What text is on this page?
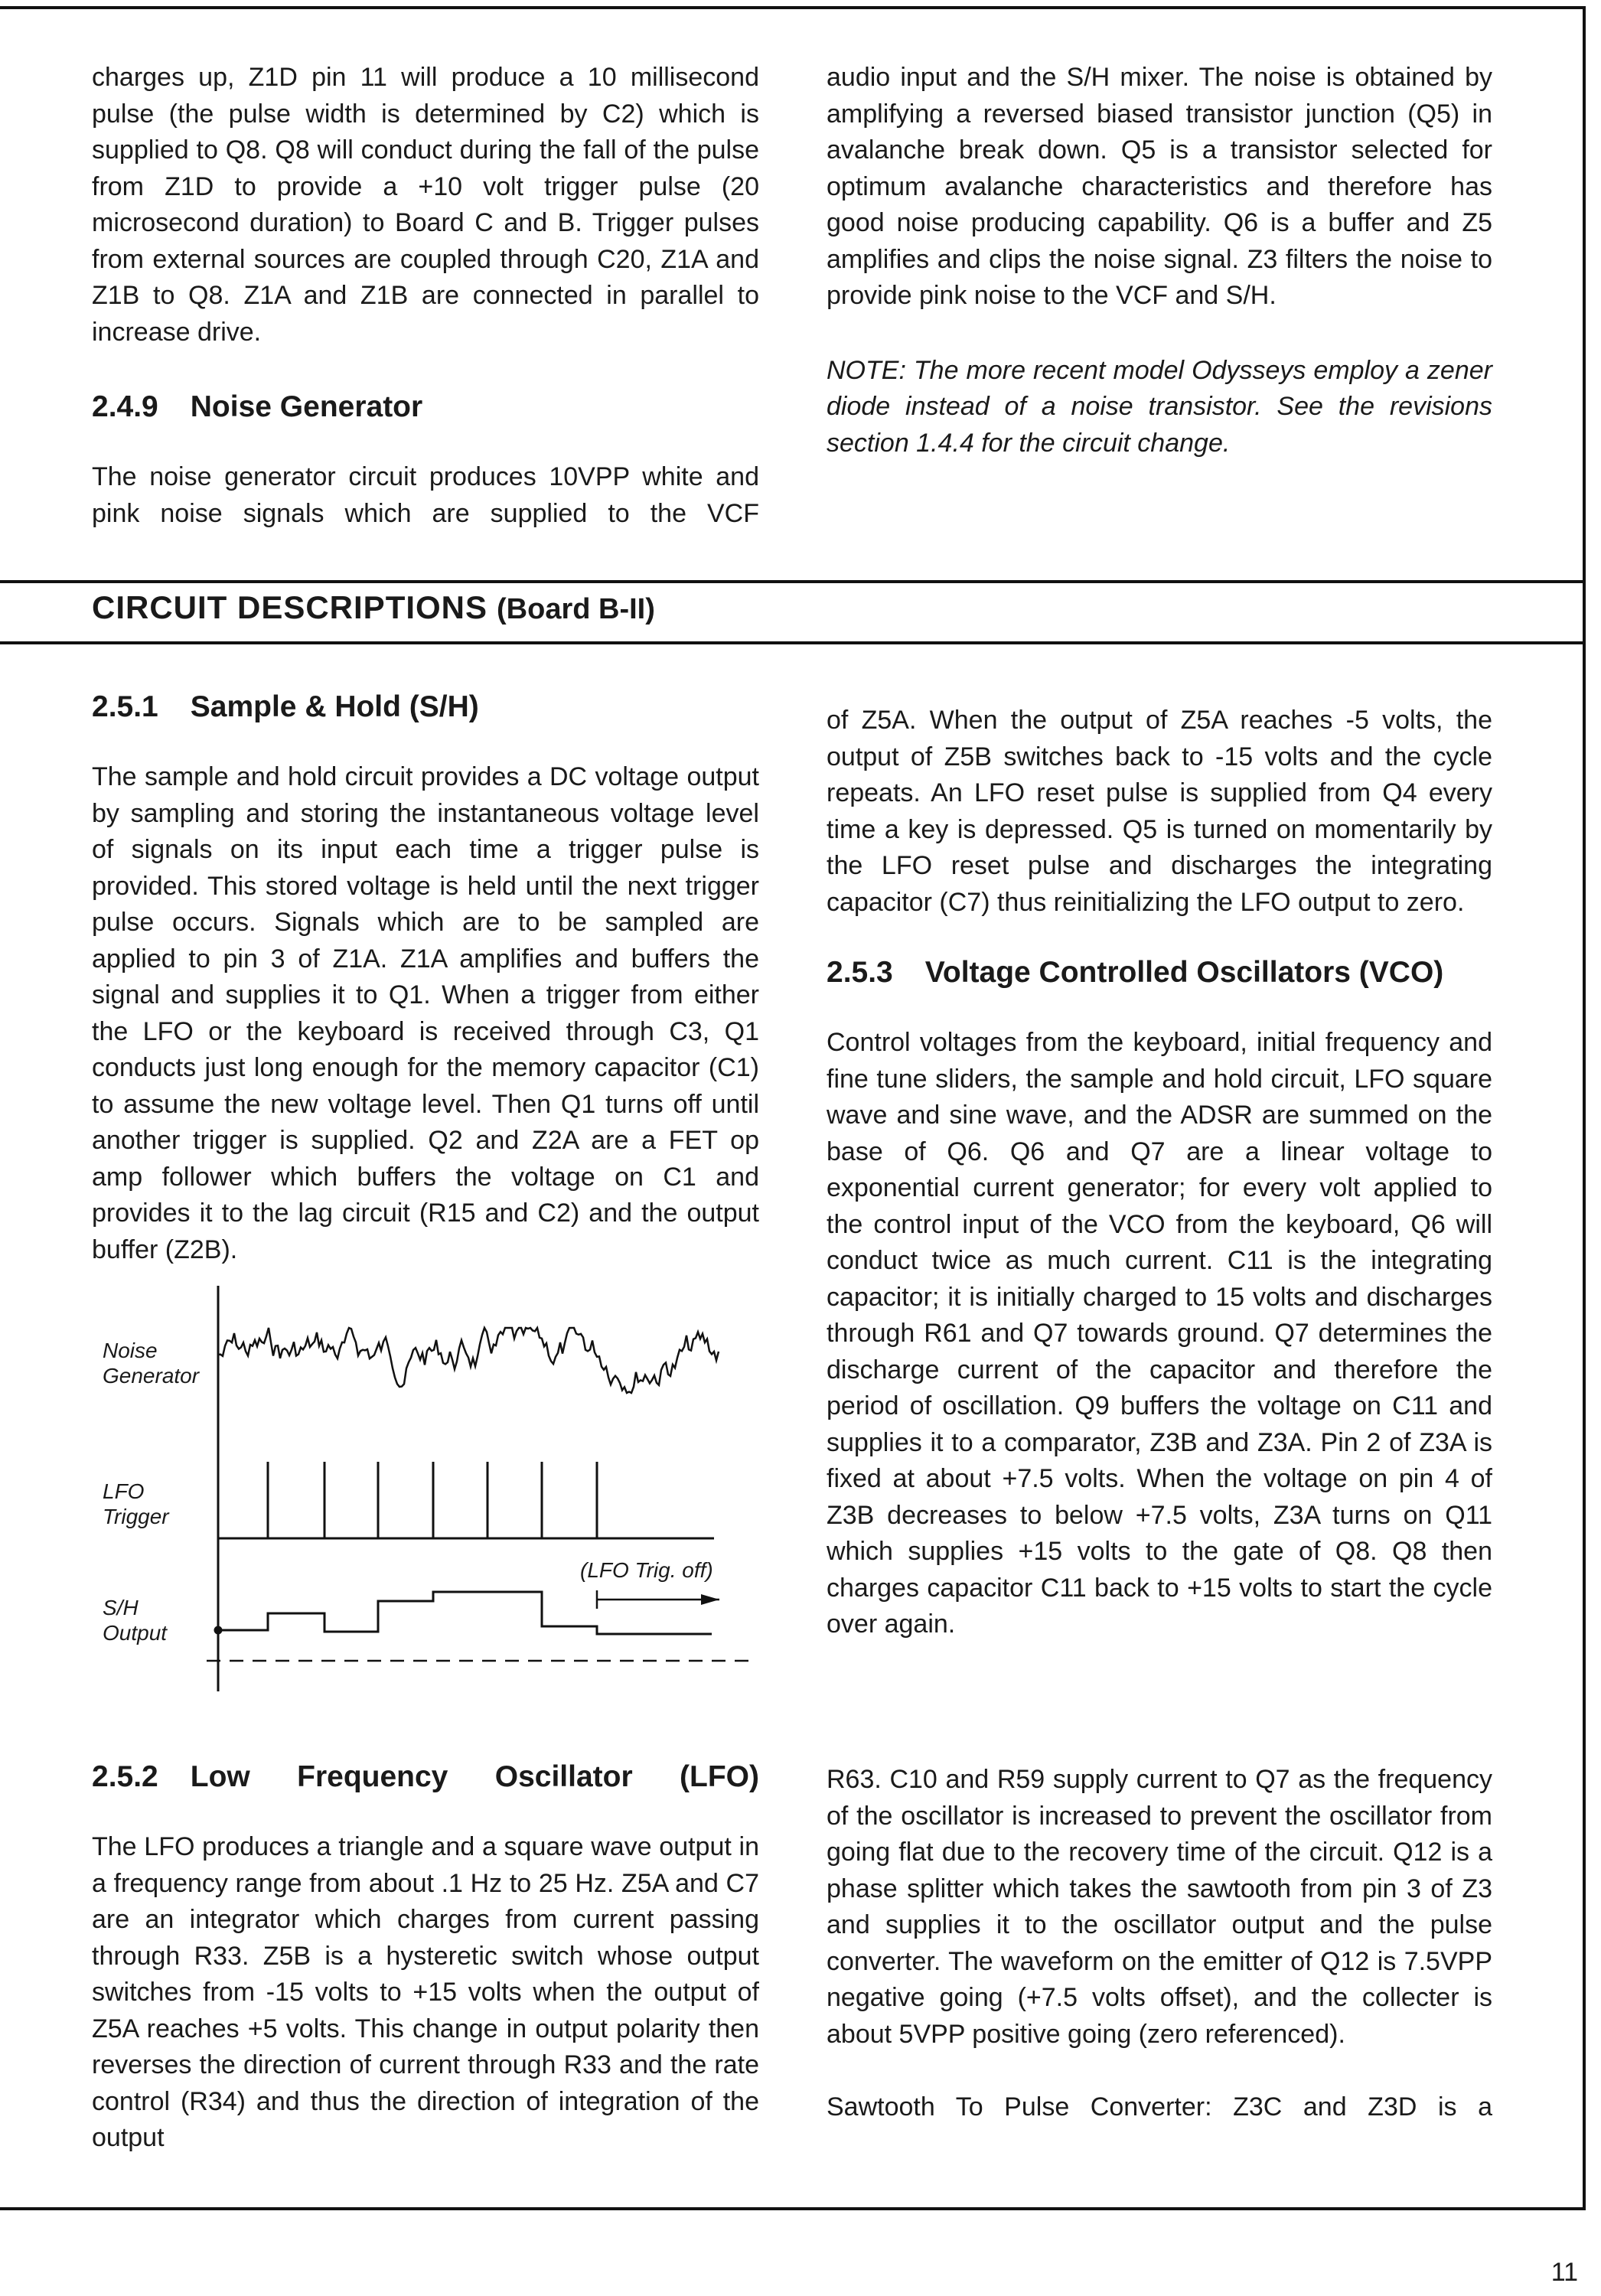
charges up, Z1D pin 11 will produce a 10 millisecond pulse (the pulse width is determined by C2) which is supplied to Q8. Q8 will conduct during the fall of the pulse from Z1D to provide a +10 volt trigger pulse (20 microsecond duration) to Board C and B. Trigger pulses from external sources are coupled through C20, Z1A and Z1B to Q8. Z1A and Z1B are connected in parallel to increase drive.

2.4.9 Noise Generator

The noise generator circuit produces 10VPP white and pink noise signals which are supplied to the VCF

audio input and the S/H mixer. The noise is obtained by amplifying a reversed biased transistor junction (Q5) in avalanche break down. Q5 is a transistor selected for optimum avalanche characteristics and therefore has good noise producing capability. Q6 is a buffer and Z5 amplifies and clips the noise signal. Z3 filters the noise to provide pink noise to the VCF and S/H.

NOTE: The more recent model Odysseys employ a zener diode instead of a noise transistor. See the revisions section 1.4.4 for the circuit change.

CIRCUIT DESCRIPTIONS (Board B-II)
2.5.1 Sample & Hold (S/H)

The sample and hold circuit provides a DC voltage output by sampling and storing the instantaneous voltage level of signals on its input each time a trigger pulse is provided. This stored voltage is held until the next trigger pulse occurs. Signals which are to be sampled are applied to pin 3 of Z1A. Z1A amplifies and buffers the signal and supplies it to Q1. When a trigger from either the LFO or the keyboard is received through C3, Q1 conducts just long enough for the memory capacitor (C1) to assume the new voltage level. Then Q1 turns off until another trigger is supplied. Q2 and Z2A are a FET op amp follower which buffers the voltage on C1 and provides it to the lag circuit (R15 and C2) and the output buffer (Z2B).

Noise
Generator
LFO
Trigger
S/H
Output
(LFO Trig. off)
2.5.2 Low Frequency Oscillator (LFO)

The LFO produces a triangle and a square wave output in a frequency range from about .1 Hz to 25 Hz. Z5A and C7 are an integrator which charges from current passing through R33. Z5B is a hysteretic switch whose output switches from -15 volts to +15 volts when the output of Z5A reaches +5 volts. This change in output polarity then reverses the direction of current through R33 and the rate control (R34) and thus the direction of integration of the output

of Z5A. When the output of Z5A reaches -5 volts, the output of Z5B switches back to -15 volts and the cycle repeats. An LFO reset pulse is supplied from Q4 every time a key is depressed. Q5 is turned on momentarily by the LFO reset pulse and discharges the integrating capacitor (C7) thus reinitializing the LFO output to zero.

2.5.3 Voltage Controlled Oscillators (VCO)

Control voltages from the keyboard, initial frequency and fine tune sliders, the sample and hold circuit, LFO square wave and sine wave, and the ADSR are summed on the base of Q6. Q6 and Q7 are a linear voltage to exponential current generator; for every volt applied to the control input of the VCO from the keyboard, Q6 will conduct twice as much current. C11 is the integrating capacitor; it is initially charged to 15 volts and discharges through R61 and Q7 towards ground. Q7 determines the discharge current of the capacitor and therefore the period of oscillation. Q9 buffers the voltage on C11 and supplies it to a comparator, Z3B and Z3A. Pin 2 of Z3A is fixed at about +7.5 volts. When the voltage on pin 4 of Z3B decreases to below +7.5 volts, Z3A turns on Q11 which supplies +15 volts to the gate of Q8. Q8 then charges capacitor C11 back to +15 volts to start the cycle over again.

R63. C10 and R59 supply current to Q7 as the frequency of the oscillator is increased to prevent the oscillator from going flat due to the recovery time of the circuit. Q12 is a phase splitter which takes the sawtooth from pin 3 of Z3 and supplies it to the oscillator output and the pulse converter. The waveform on the emitter of Q12 is 7.5VPP negative going (+7.5 volts offset), and the collecter is about 5VPP positive going (zero referenced).

Sawtooth To Pulse Converter: Z3C and Z3D is a

11
